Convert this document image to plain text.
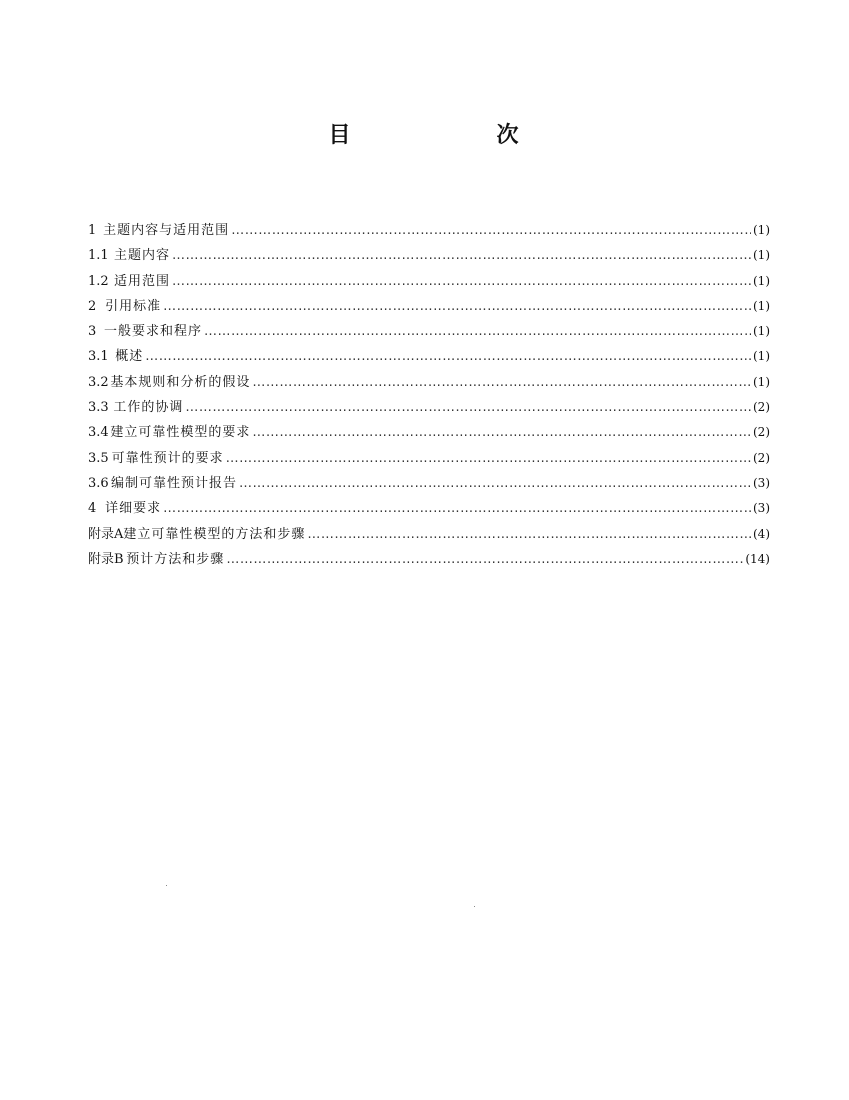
目　次
1 主题内容与适用范围 ………………………………………………………………………………………………………………………………………………………………………………	(1)
1.1 主题内容 ………………………………………………………………………………………………………………………………………………………………………………	(1)
1.2 适用范围 ………………………………………………………………………………………………………………………………………………………………………………	(1)
2 引用标准 ………………………………………………………………………………………………………………………………………………………………………………	(1)
3 一般要求和程序 ………………………………………………………………………………………………………………………………………………………………………………	(1)
3.1 概述 ………………………………………………………………………………………………………………………………………………………………………………	(1)
3.2 基本规则和分析的假设 ………………………………………………………………………………………………………………………………………………………………………………	(1)
3.3 工作的协调 ………………………………………………………………………………………………………………………………………………………………………………	(2)
3.4 建立可靠性模型的要求 ………………………………………………………………………………………………………………………………………………………………………………	(2)
3.5 可靠性预计的要求 ………………………………………………………………………………………………………………………………………………………………………………	(2)
3.6 编制可靠性预计报告 ………………………………………………………………………………………………………………………………………………………………………………	(3)
4 详细要求 ………………………………………………………………………………………………………………………………………………………………………………	(3)
附录A 建立可靠性模型的方法和步骤 ………………………………………………………………………………………………………………………………………………………………………………	(4)
附录B 预计方法和步骤 ………………………………………………………………………………………………………………………………………………………………………………	(14)
